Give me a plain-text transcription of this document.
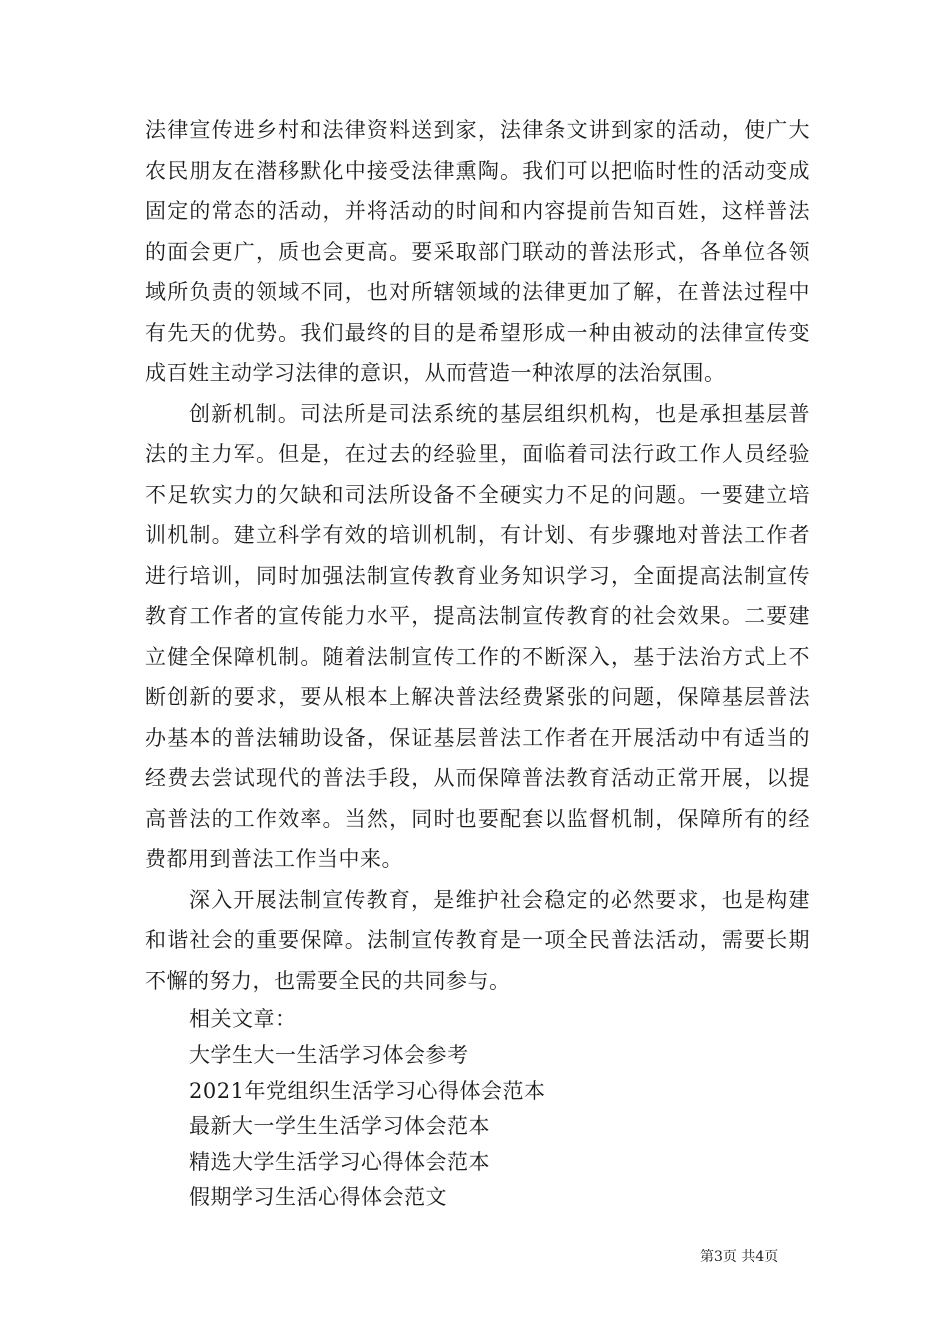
法律宣传进乡村和法律资料送到家，法律条文讲到家的活动，使广大农民朋友在潜移默化中接受法律熏陶。我们可以把临时性的活动变成固定的常态的活动，并将活动的时间和内容提前告知百姓，这样普法的面会更广，质也会更高。要采取部门联动的普法形式，各单位各领域所负责的领域不同，也对所辖领域的法律更加了解，在普法过程中有先天的优势。我们最终的目的是希望形成一种由被动的法律宣传变成百姓主动学习法律的意识，从而营造一种浓厚的法治氛围。

创新机制。司法所是司法系统的基层组织机构，也是承担基层普法的主力军。但是，在过去的经验里，面临着司法行政工作人员经验不足软实力的欠缺和司法所设备不全硬实力不足的问题。一要建立培训机制。建立科学有效的培训机制，有计划、有步骤地对普法工作者进行培训，同时加强法制宣传教育业务知识学习，全面提高法制宣传教育工作者的宣传能力水平，提高法制宣传教育的社会效果。二要建立健全保障机制。随着法制宣传工作的不断深入，基于法治方式上不断创新的要求，要从根本上解决普法经费紧张的问题，保障基层普法办基本的普法辅助设备，保证基层普法工作者在开展活动中有适当的经费去尝试现代的普法手段，从而保障普法教育活动正常开展，以提高普法的工作效率。当然，同时也要配套以监督机制，保障所有的经费都用到普法工作当中来。

深入开展法制宣传教育，是维护社会稳定的必然要求，也是构建和谐社会的重要保障。法制宣传教育是一项全民普法活动，需要长期不懈的努力，也需要全民的共同参与。

相关文章：

大学生大一生活学习体会参考
2021年党组织生活学习心得体会范本
最新大一学生生活学习体会范本
精选大学生活学习心得体会范本
假期学习生活心得体会范文
第3页 共4页
